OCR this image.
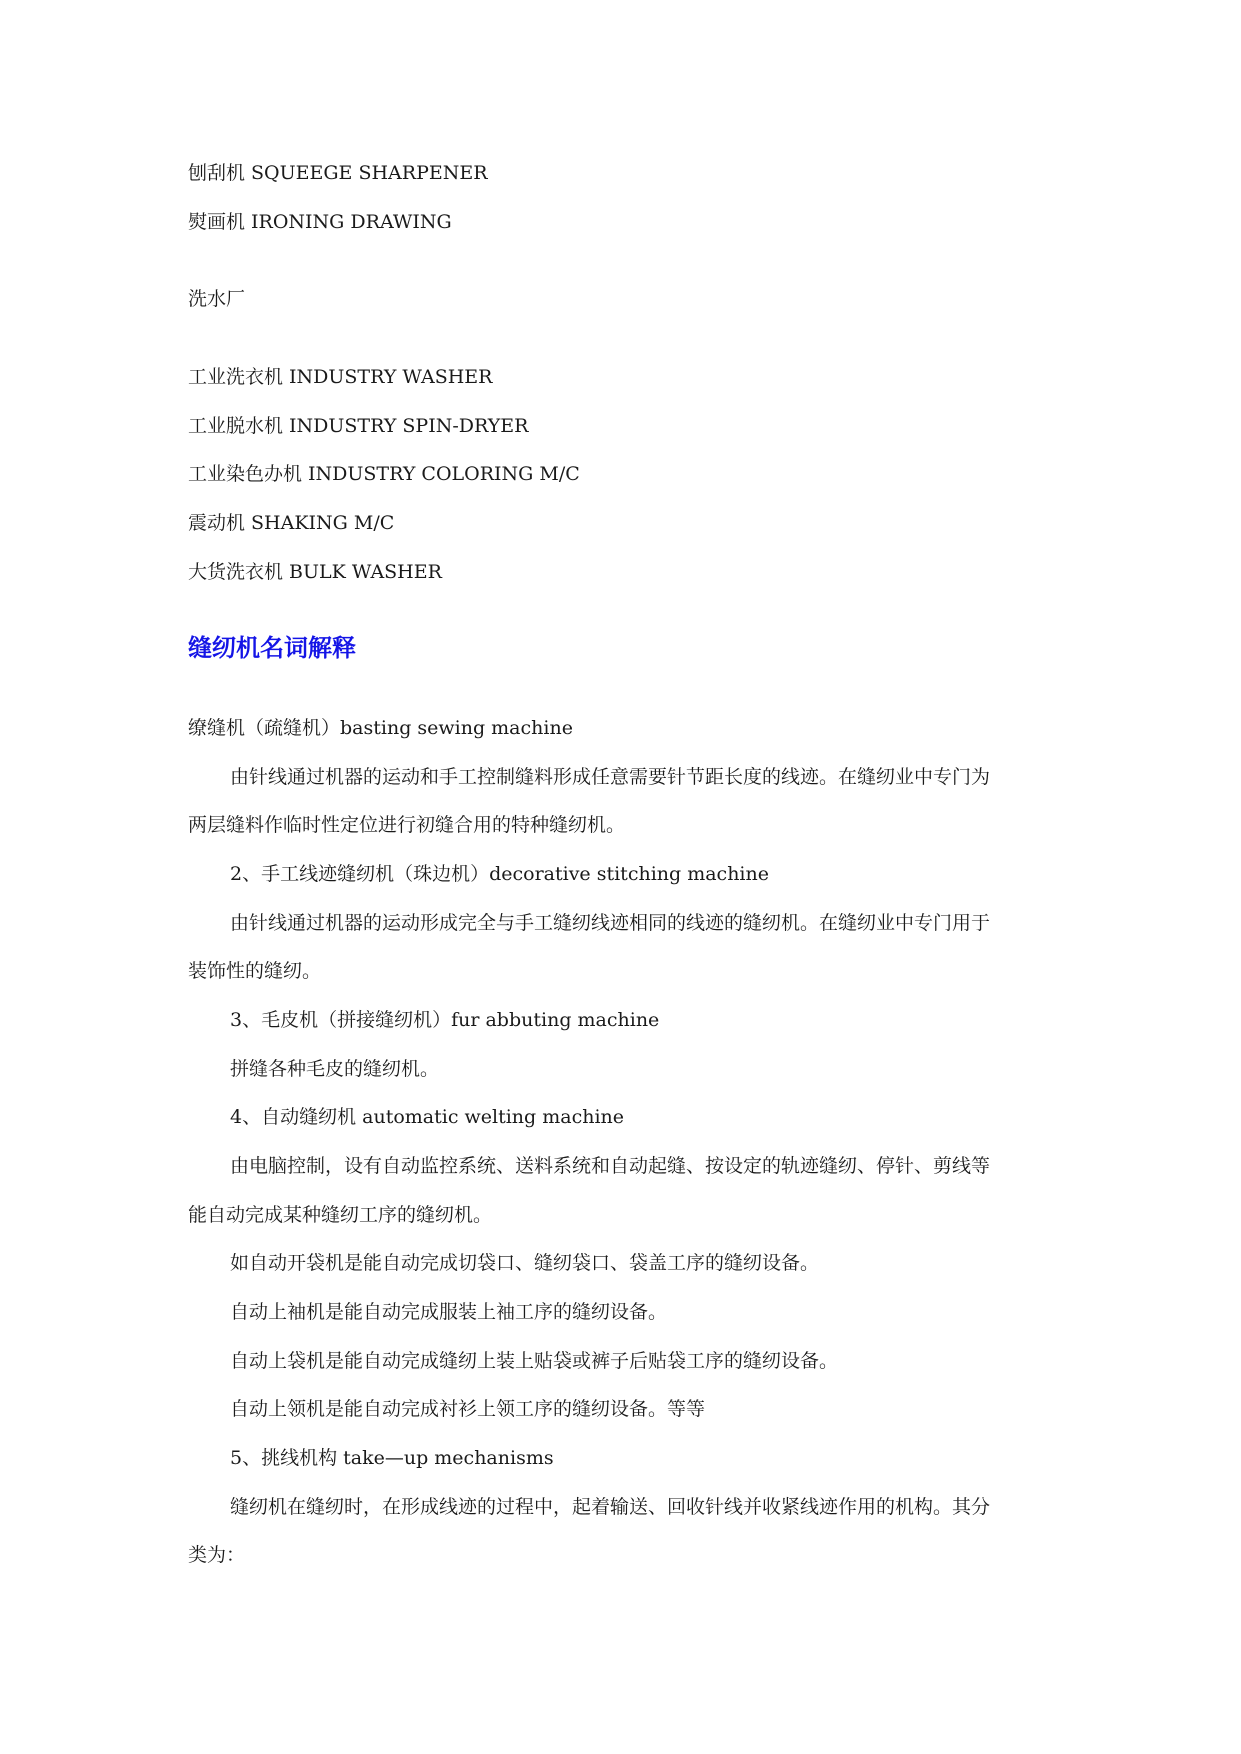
刨刮机 SQUEEGE SHARPENER
熨画机 IRONING DRAWING
洗水厂
工业洗衣机 INDUSTRY WASHER
工业脱水机 INDUSTRY SPIN-DRYER
工业染色办机 INDUSTRY COLORING M/C
震动机 SHAKING M/C
大货洗衣机 BULK WASHER
缝纫机名词解释
缭缝机（疏缝机）basting sewing machine
由针线通过机器的运动和手工控制缝料形成任意需要针节距长度的线迹。在缝纫业中专门为
两层缝料作临时性定位进行初缝合用的特种缝纫机。
2、手工线迹缝纫机（珠边机）decorative stitching machine
由针线通过机器的运动形成完全与手工缝纫线迹相同的线迹的缝纫机。在缝纫业中专门用于
装饰性的缝纫。
3、毛皮机（拼接缝纫机）fur abbuting machine
拼缝各种毛皮的缝纫机。
4、自动缝纫机 automatic welting machine
由电脑控制，设有自动监控系统、送料系统和自动起缝、按设定的轨迹缝纫、停针、剪线等
能自动完成某种缝纫工序的缝纫机。
如自动开袋机是能自动完成切袋口、缝纫袋口、袋盖工序的缝纫设备。
自动上袖机是能自动完成服装上袖工序的缝纫设备。
自动上袋机是能自动完成缝纫上装上贴袋或裤子后贴袋工序的缝纫设备。
自动上领机是能自动完成衬衫上领工序的缝纫设备。等等
5、挑线机构 take—up mechanisms
缝纫机在缝纫时，在形成线迹的过程中，起着输送、回收针线并收紧线迹作用的机构。其分
类为：
